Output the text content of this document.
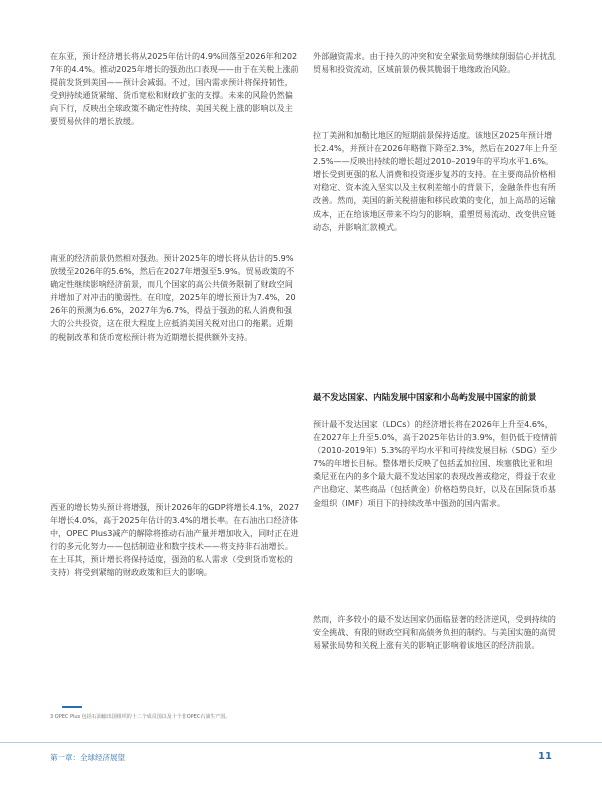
在东亚，预计经济增长将从2025年估计的4.9%回落至2026年和2027年的4.4%。推动2025年增长的强劲出口表现——由于在关税上涨前提前发货到美国——预计会减弱。不过，国内需求预计将保持韧性，受到持续通货紧缩、货币宽松和财政扩张的支撑。未来的风险仍然偏向下行，反映出全球政策不确定性持续、美国关税上涨的影响以及主要贸易伙伴的增长放缓。

南亚的经济前景仍然相对强劲。预计2025年的增长将从估计的5.9%放缓至2026年的5.6%，然后在2027年增强至5.9%。贸易政策的不确定性继续影响经济前景，而几个国家的高公共债务限制了财政空间并增加了对冲击的脆弱性。在印度，2025年的增长预计为7.4%，2026年的预测为6.6%，2027年为6.7%，得益于强劲的私人消费和强大的公共投资，这在很大程度上应抵消美国关税对出口的拖累。近期的税制改革和货币宽松预计将为近期增长提供额外支持。

西亚的增长势头预计将增强，预计2026年的GDP将增长4.1%，2027年增长4.0%，高于2025年估计的3.4%的增长率。在石油出口经济体中，OPEC Plus3减产的解除将推动石油产量并增加收入，同时正在进行的多元化努力——包括制造业和数字技术——将支持非石油增长。在土耳其，预计增长将保持适度，强劲的私人需求（受到货币宽松的支持）将受到紧缩的财政政策和巨大的影响。

外部融资需求。由于持久的冲突和安全紧张局势继续削弱信心并扰乱贸易和投资流动，区域前景仍极其脆弱于地缘政治风险。

拉丁美洲和加勒比地区的短期前景保持适度。该地区2025年预计增长2.4%，并预计在2026年略微下降至2.3%，然后在2027年上升至2.5%——反映出持续的增长超过2010–2019年的平均水平1.6%。增长受到更强的私人消费和投资逐步复苏的支持。在主要商品价格相对稳定、资本流入坚实以及主权利差缩小的背景下，金融条件也有所改善。然而，美国的新关税措施和移民政策的变化，加上高昂的运输成本，正在给该地区带来不均匀的影响，重塑贸易流动、改变供应链动态，并影响汇款模式。

最不发达国家、内陆发展中国家和小岛屿发展中国家的前景

预计最不发达国家（LDCs）的经济增长将在2026年上升至4.6%，在2027年上升至5.0%，高于2025年估计的3.9%，但仍低于疫情前（2010-2019年）5.3%的平均水平和可持续发展目标（SDG）至少7%的年增长目标。整体增长反映了包括孟加拉国、埃塞俄比亚和坦桑尼亚在内的多个最大最不发达国家的表现改善或稳定，得益于农业产出稳定、某些商品（包括黄金）价格趋势良好，以及在国际货币基金组织（IMF）项目下的持续改革中强劲的国内需求。

然而，许多较小的最不发达国家仍面临显著的经济逆风，受到持续的安全挑战、有限的财政空间和高债务负担的制约。与美国实施的高贸易紧张局势和关税上涨有关的影响正影响着该地区的经济前景。

3 OPEC Plus 包括石油输出国组织的十二个成员国以及十个非OPEC石油生产国。

第一章：全球经济展望	11
